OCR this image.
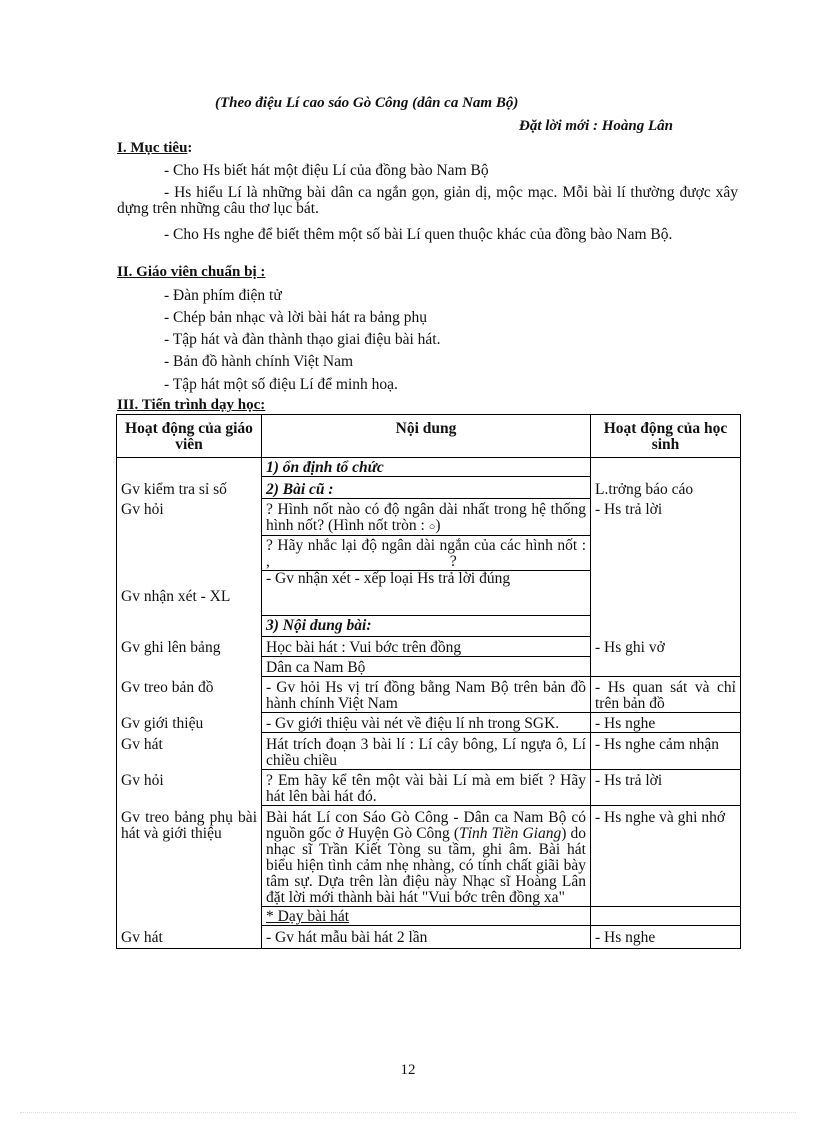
(Theo điệu Lí cao sáo Gò Công (dân ca Nam Bộ)
Đặt lời mới : Hoàng Lân
I. Mục tiêu:
- Cho Hs biết hát một điệu Lí của đồng bào Nam Bộ
- Hs hiểu Lí là những bài dân ca ngắn gọn, giản dị, mộc mạc. Mỗi bài lí thường được xây dựng trên những câu thơ lục bát.
- Cho Hs nghe để biết thêm một số bài Lí quen thuộc khác của đồng bào Nam Bộ.
II. Giáo viên chuẩn bị :
- Đàn phím điện tử
- Chép bản nhạc và lời bài hát ra bảng phụ
- Tập hát và đàn thành thạo giai điệu bài hát.
- Bản đồ hành chính Việt Nam
- Tập hát một số điệu Lí để minh hoạ.
III. Tiến trình dạy học:
Hoạt động của giáo viên	Nội dung	Hoạt động của học sinh
	1) ổn định tổ chức	
Gv kiểm tra sỉ số	2) Bài cũ :	L.trởng báo cáo
Gv hỏi	? Hình nốt nào có độ ngân dài nhất trong hệ thống hình nốt? (Hình nốt tròn : ○)	- Hs trả lời
	? Hãy nhắc lại độ ngân dài ngắn của các hình nốt : , ?	
Gv nhận xét - XL	- Gv nhận xét - xếp loại Hs trả lời đúng	
	3) Nội dung bài:	
Gv ghi lên bảng	Học bài hát : Vui bớc trên đồng	- Hs ghi vở
	Dân ca Nam Bộ	
Gv treo bản đồ	- Gv hỏi Hs vị trí đồng bằng Nam Bộ trên bản đồ hành chính Việt Nam	- Hs quan sát và chỉ trên bản đồ
Gv giới thiệu	- Gv giới thiệu vài nét về điệu lí nh trong SGK.	- Hs nghe
Gv hát	Hát trích đoạn 3 bài lí : Lí cây bông, Lí ngựa ô, Lí chiều chiều	- Hs nghe cảm nhận
Gv hỏi	? Em hãy kể tên một vài bài Lí mà em biết ? Hãy hát lên bài hát đó.	- Hs trả lời
Gv treo bảng phụ bài hát và giới thiệu	Bài hát Lí con Sáo Gò Công - Dân ca Nam Bộ có nguồn gốc ở Huyện Gò Công (Tỉnh Tiền Giang) do nhạc sĩ Trần Kiết Tòng su tầm, ghi âm. Bài hát biểu hiện tình cảm nhẹ nhàng, có tính chất giãi bày tâm sự. Dựa trên làn điệu này Nhạc sĩ Hoàng Lân đặt lời mới thành bài hát "Vui bớc trên đồng xa"	- Hs nghe và ghi nhớ
	* Dạy bài hát	
Gv hát	- Gv hát mẫu bài hát 2 lần	- Hs nghe
12
